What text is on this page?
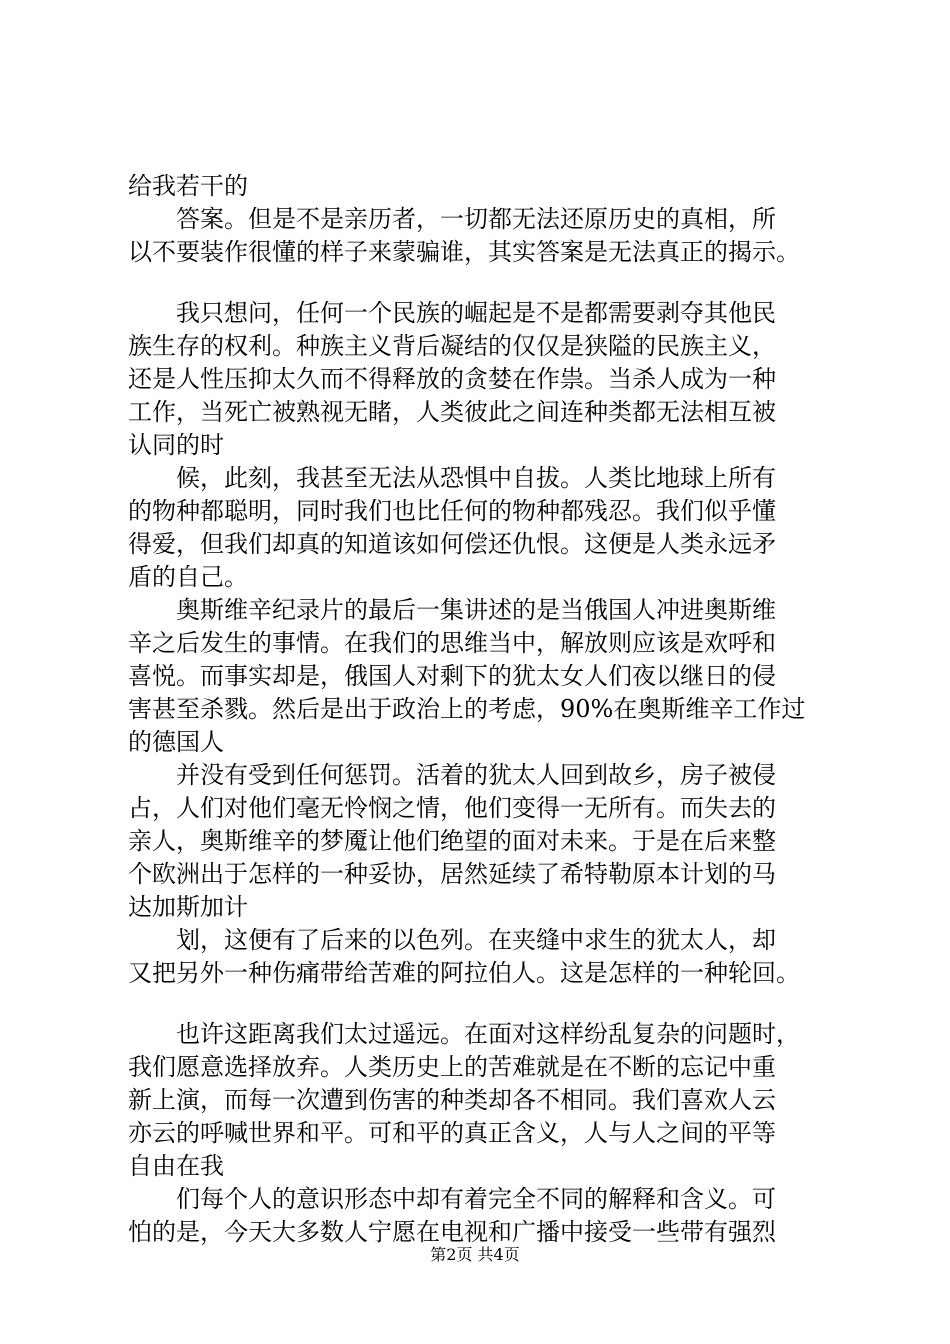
给我若干的
答案。但是不是亲历者，一切都无法还原历史的真相，所
以不要装作很懂的样子来蒙骗谁，其实答案是无法真正的揭示。
我只想问，任何一个民族的崛起是不是都需要剥夺其他民
族生存的权利。种族主义背后凝结的仅仅是狭隘的民族主义，
还是人性压抑太久而不得释放的贪婪在作祟。当杀人成为一种
工作，当死亡被熟视无睹，人类彼此之间连种类都无法相互被
认同的时
候，此刻，我甚至无法从恐惧中自拔。人类比地球上所有
的物种都聪明，同时我们也比任何的物种都残忍。我们似乎懂
得爱，但我们却真的知道该如何偿还仇恨。这便是人类永远矛
盾的自己。
奥斯维辛纪录片的最后一集讲述的是当俄国人冲进奥斯维
辛之后发生的事情。在我们的思维当中，解放则应该是欢呼和
喜悦。而事实却是，俄国人对剩下的犹太女人们夜以继日的侵
害甚至杀戮。然后是出于政治上的考虑，90%在奥斯维辛工作过
的德国人
并没有受到任何惩罚。活着的犹太人回到故乡，房子被侵
占，人们对他们毫无怜悯之情，他们变得一无所有。而失去的
亲人，奥斯维辛的梦魇让他们绝望的面对未来。于是在后来整
个欧洲出于怎样的一种妥协，居然延续了希特勒原本计划的马
达加斯加计
划，这便有了后来的以色列。在夹缝中求生的犹太人，却
又把另外一种伤痛带给苦难的阿拉伯人。这是怎样的一种轮回。
也许这距离我们太过遥远。在面对这样纷乱复杂的问题时，
我们愿意选择放弃。人类历史上的苦难就是在不断的忘记中重
新上演，而每一次遭到伤害的种类却各不相同。我们喜欢人云
亦云的呼喊世界和平。可和平的真正含义，人与人之间的平等
自由在我
们每个人的意识形态中却有着完全不同的解释和含义。可
怕的是，今天大多数人宁愿在电视和广播中接受一些带有强烈
第2页 共4页
